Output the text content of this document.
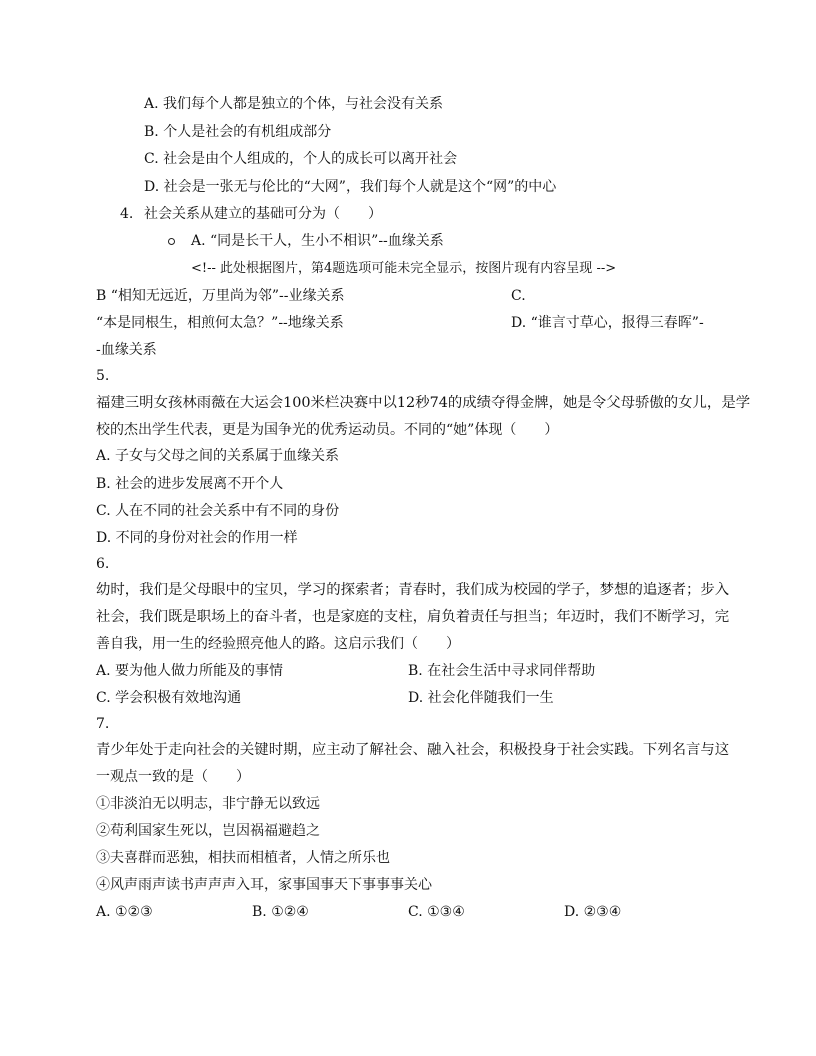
A. 我们每个人都是独立的个体，与社会没有关系
B. 个人是社会的有机组成部分
C. 社会是由个人组成的，个人的成长可以离开社会
D. 社会是一张无与伦比的“大网”，我们每个人就是这个“网”的中心
4. 社会关系从建立的基础可分为（　　）
A. “同是长干人，生小不相识”--血缘关系
<!-- 此处根据图片，第4题选项可能未完全显示，按图片现有内容呈现 -->
B “相知无远近，万里尚为邻”--业缘关系	C.
“本是同根生，相煎何太急？”--地缘关系	D. “谁言寸草心，报得三春晖”-
-血缘关系
5.
福建三明女孩林雨薇在大运会100米栏决赛中以12秒74的成绩夺得金牌，她是令父母骄傲的女儿，是学
校的杰出学生代表，更是为国争光的优秀运动员。不同的“她”体现（　　）
A. 子女与父母之间的关系属于血缘关系
B. 社会的进步发展离不开个人
C. 人在不同的社会关系中有不同的身份
D. 不同的身份对社会的作用一样
6.
幼时，我们是父母眼中的宝贝，学习的探索者；青春时，我们成为校园的学子，梦想的追逐者；步入
社会，我们既是职场上的奋斗者，也是家庭的支柱，肩负着责任与担当；年迈时，我们不断学习，完
善自我，用一生的经验照亮他人的路。这启示我们（　　）
A. 要为他人做力所能及的事情	B. 在社会生活中寻求同伴帮助
C. 学会积极有效地沟通	D. 社会化伴随我们一生
7.
青少年处于走向社会的关键时期，应主动了解社会、融入社会，积极投身于社会实践。下列名言与这
一观点一致的是（　　）
①非淡泊无以明志，非宁静无以致远
②苟利国家生死以，岂因祸福避趋之
③夫喜群而恶独，相扶而相植者，人情之所乐也
④风声雨声读书声声声入耳，家事国事天下事事事关心
A. ①②③	B. ①②④	C. ①③④	D. ②③④
